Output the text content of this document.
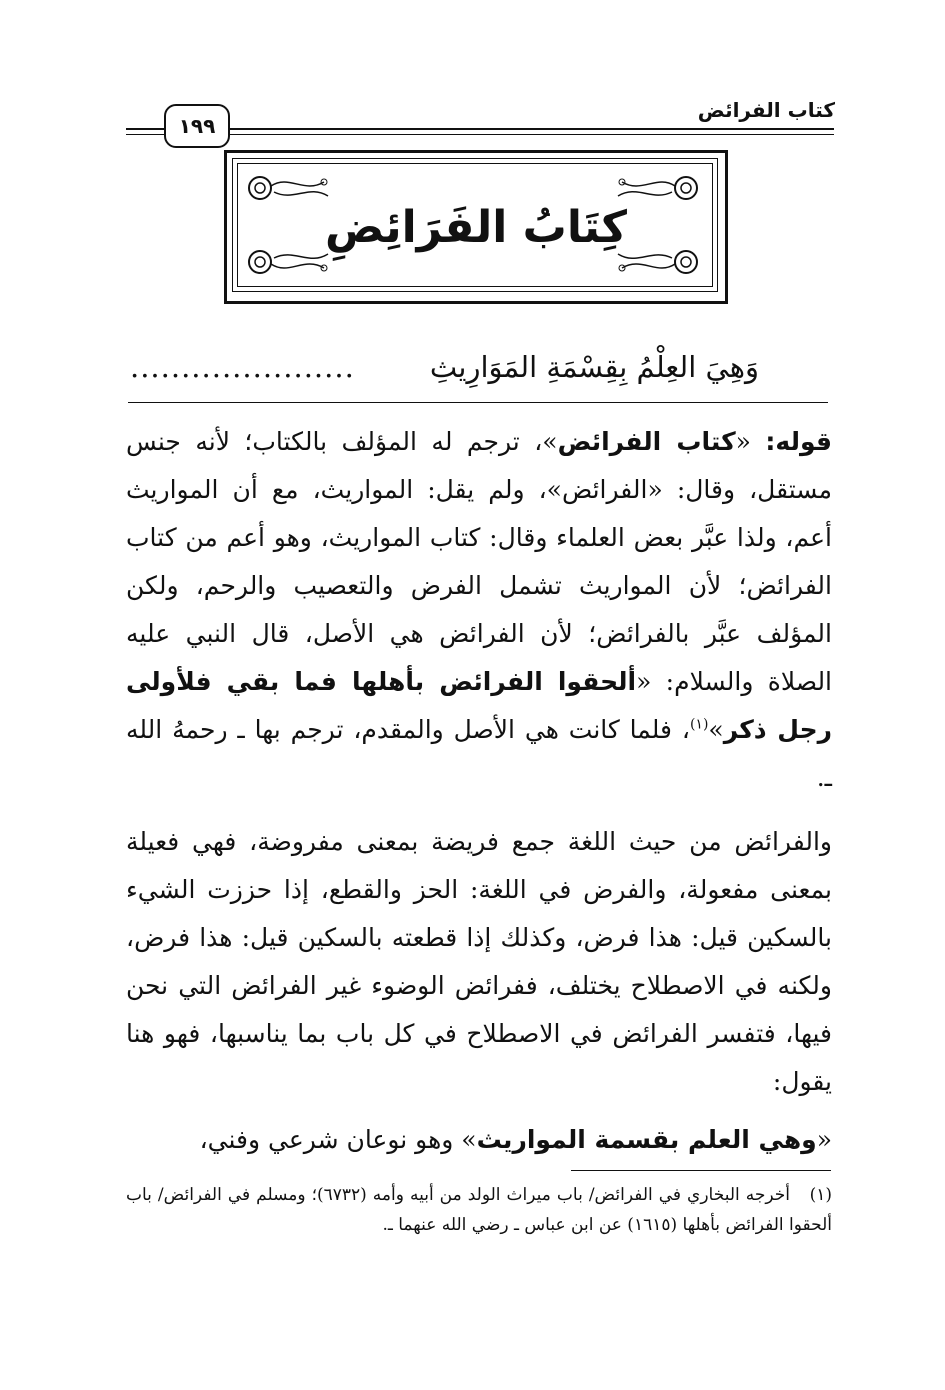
كتاب الفرائض
١٩٩
كِتَابُ الفَرَائِضِ
وَهِيَ العِلْمُ بِقِسْمَةِ المَوَارِيثِ
......................

قوله: «كتاب الفرائض»، ترجم له المؤلف بالكتاب؛ لأنه جنس مستقل، وقال: «الفرائض»، ولم يقل: المواريث، مع أن المواريث أعم، ولذا عبَّر بعض العلماء وقال: كتاب المواريث، وهو أعم من كتاب الفرائض؛ لأن المواريث تشمل الفرض والتعصيب والرحم، ولكن المؤلف عبَّر بالفرائض؛ لأن الفرائض هي الأصل، قال النبي عليه الصلاة والسلام: «ألحقوا الفرائض بأهلها فما بقي فلأولى رجل ذكر»$^{(١)}$، فلما كانت هي الأصل والمقدم، ترجم بها ـ رحمهُ الله ـ.

والفرائض من حيث اللغة جمع فريضة بمعنى مفروضة، فهي فعيلة بمعنى مفعولة، والفرض في اللغة: الحز والقطع، إذا حززت الشيء بالسكين قيل: هذا فرض، وكذلك إذا قطعته بالسكين قيل: هذا فرض، ولكنه في الاصطلاح يختلف، ففرائض الوضوء غير الفرائض التي نحن فيها، فتفسر الفرائض في الاصطلاح في كل باب بما يناسبها، فهو هنا يقول:

«وهي العلم بقسمة المواريث» وهو نوعان شرعي وفني،

(١)أخرجه البخاري في الفرائض/ باب ميراث الولد من أبيه وأمه (٦٧٣٢)؛ ومسلم في الفرائض/ باب ألحقوا الفرائض بأهلها (١٦١٥) عن ابن عباس ـ رضي الله عنهما ـ.
